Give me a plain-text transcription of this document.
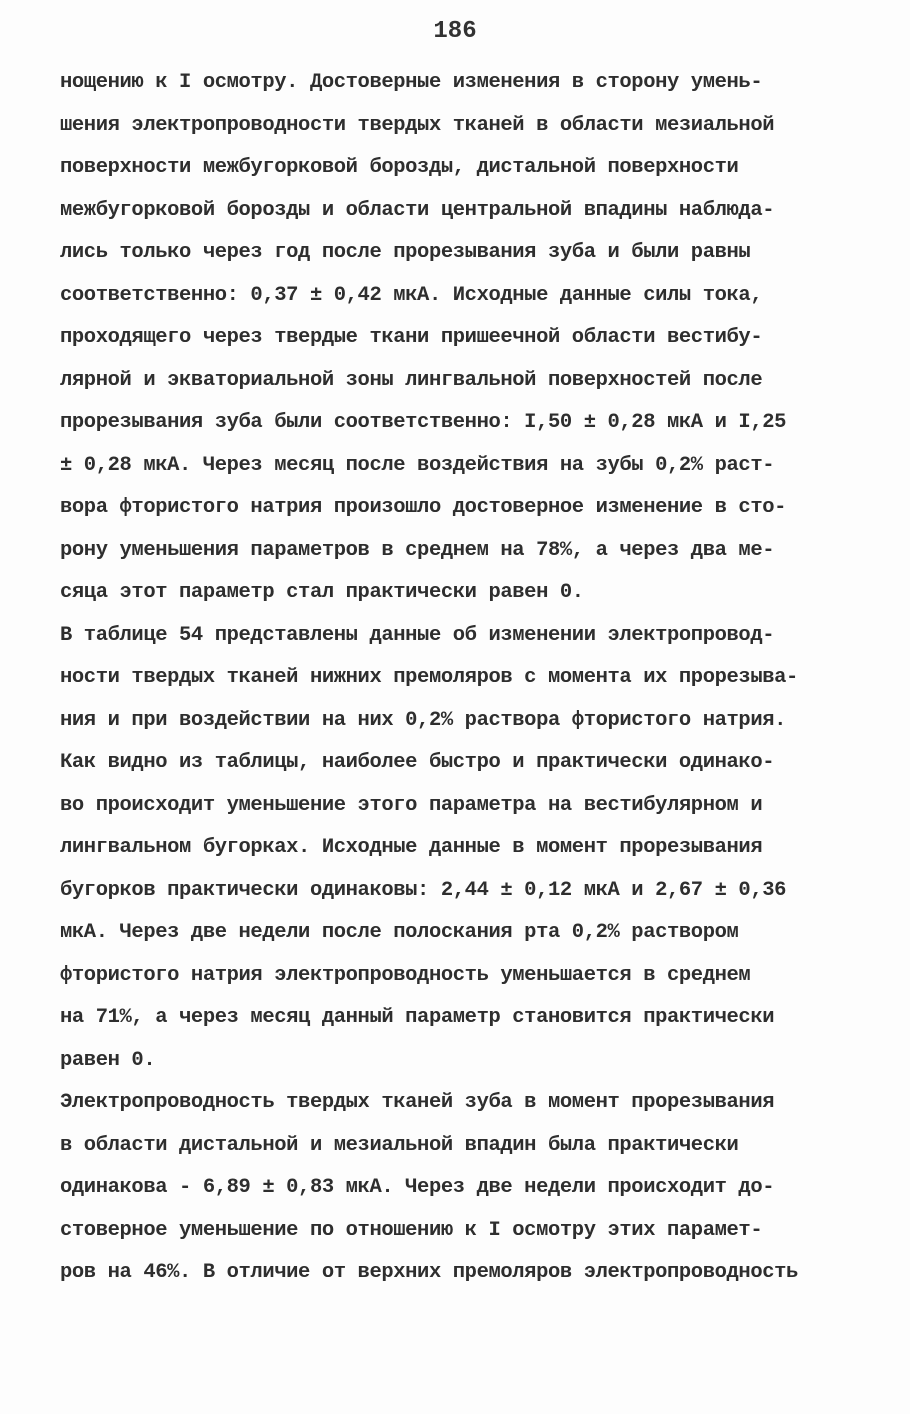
186
нощению к I осмотру. Достоверные изменения в сторону умень-
шения электропроводности твердых тканей в области мезиальной
поверхности межбугорковой борозды, дистальной поверхности
межбугорковой борозды и области центральной впадины наблюда-
лись только через год после прорезывания зуба и были равны
соответственно: 0,37 ± 0,42 мкА. Исходные данные силы тока,
проходящего через твердые ткани пришеечной области вестибу-
лярной и экваториальной зоны лингвальной поверхностей после
прорезывания зуба были соответственно: I,50 ± 0,28 мкА и I,25
± 0,28 мкА. Через месяц после воздействия на зубы 0,2% раст-
вора фтористого натрия произошло достоверное изменение в сто-
рону уменьшения параметров в среднем на 78%, а через два ме-
сяца этот параметр стал практически равен 0.
В таблице 54 представлены данные об изменении электропровод-
ности твердых тканей нижних премоляров с момента их прорезыва-
ния и при воздействии на них 0,2% раствора фтористого натрия.
Как видно из таблицы, наиболее быстро и практически одинако-
во происходит уменьшение этого параметра на вестибулярном и
лингвальном бугорках. Исходные данные в момент прорезывания
бугорков практически одинаковы: 2,44 ± 0,12 мкА и 2,67 ± 0,36
мкА. Через две недели после полоскания рта 0,2% раствором
фтористого натрия электропроводность уменьшается в среднем
на 71%, а через месяц данный параметр становится практически
равен 0.
Электропроводность твердых тканей зуба в момент прорезывания
в области дистальной и мезиальной впадин была практически
одинакова - 6,89 ± 0,83 мкА. Через две недели происходит до-
стоверное уменьшение по отношению к I осмотру этих парамет-
ров на 46%. В отличие от верхних премоляров электропроводность
